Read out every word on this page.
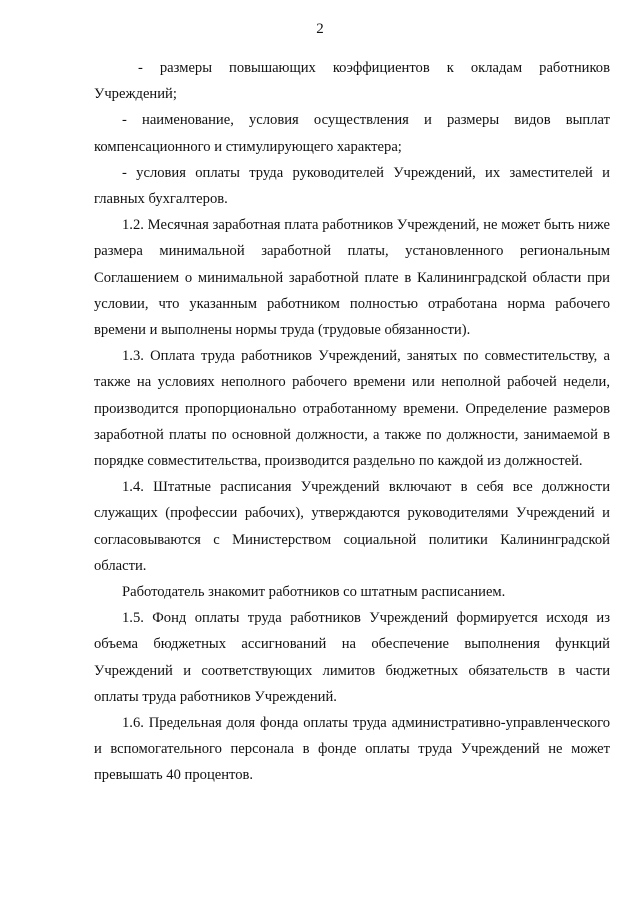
2

- размеры повышающих коэффициентов к окладам работников Учреждений;

- наименование, условия осуществления и размеры видов выплат компенсационного и стимулирующего характера;

- условия оплаты труда руководителей Учреждений, их заместителей и главных бухгалтеров.

1.2. Месячная заработная плата работников Учреждений, не может быть ниже размера минимальной заработной платы, установленного региональным Соглашением о минимальной заработной плате в Калининградской области при условии, что указанным работником полностью отработана норма рабочего времени и выполнены нормы труда (трудовые обязанности).

1.3. Оплата труда работников Учреждений, занятых по совместительству, а также на условиях неполного рабочего времени или неполной рабочей недели, производится пропорционально отработанному времени. Определение размеров заработной платы по основной должности, а также по должности, занимаемой в порядке совместительства, производится раздельно по каждой из должностей.

1.4. Штатные расписания Учреждений включают в себя все должности служащих (профессии рабочих), утверждаются руководителями Учреждений и согласовываются с Министерством социальной политики Калининградской области.

Работодатель знакомит работников со штатным расписанием.

1.5. Фонд оплаты труда работников Учреждений формируется исходя из объема бюджетных ассигнований на обеспечение выполнения функций Учреждений и соответствующих лимитов бюджетных обязательств в части оплаты труда работников Учреждений.

1.6. Предельная доля фонда оплаты труда административно-управленческого и вспомогательного персонала в фонде оплаты труда Учреждений не может превышать 40 процентов.
